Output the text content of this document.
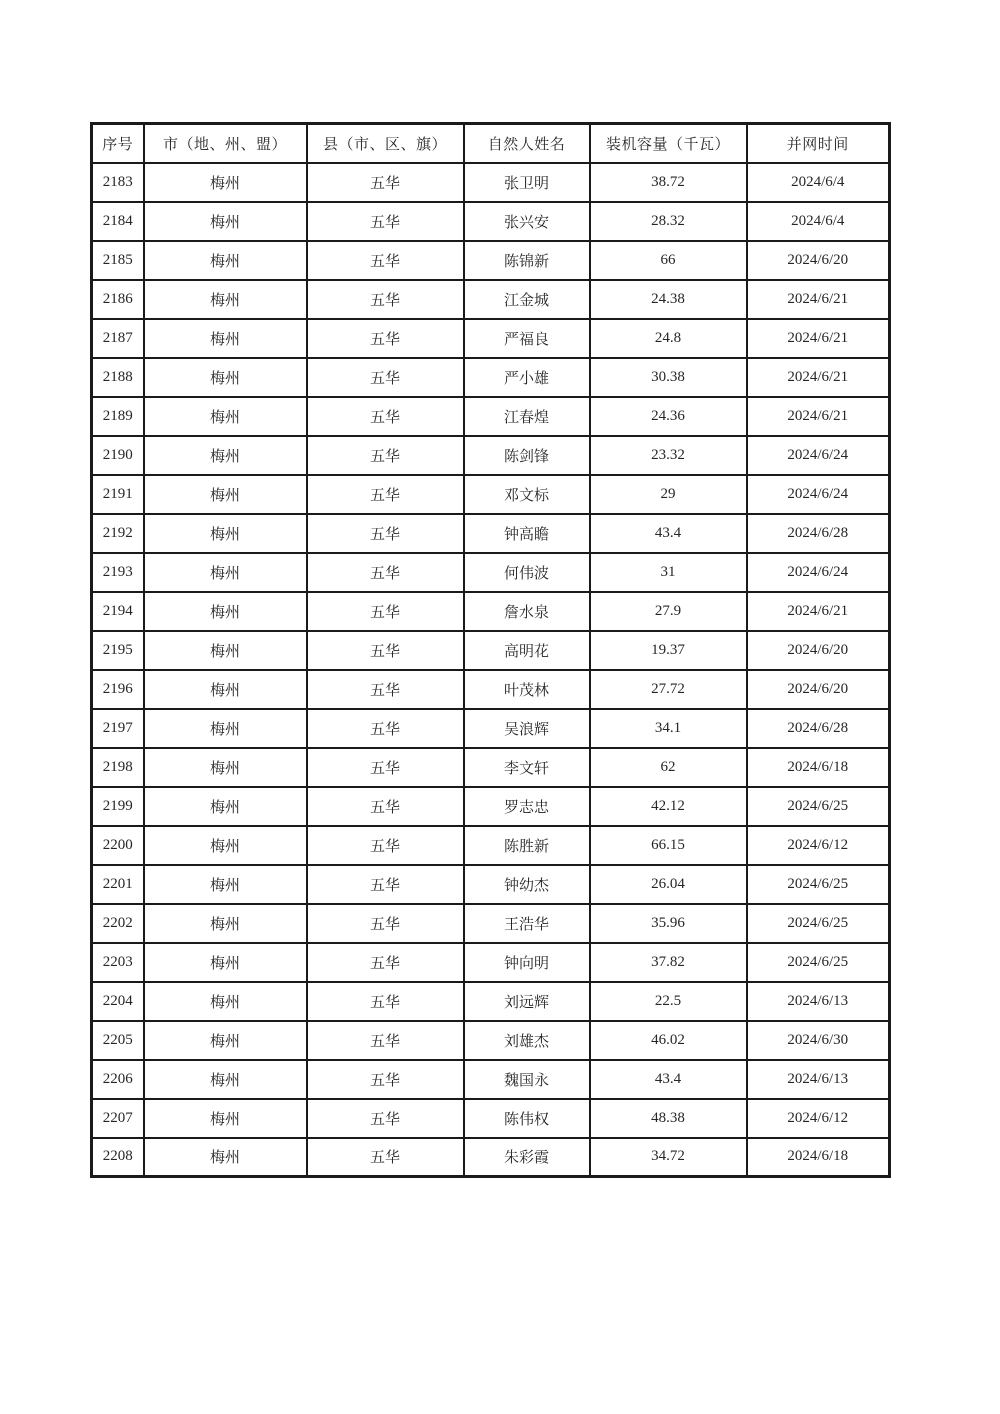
序号	市（地、州、盟）	县（市、区、旗）	自然人姓名	装机容量（千瓦）	并网时间
2183	梅州	五华	张卫明	38.72	2024/6/4
2184	梅州	五华	张兴安	28.32	2024/6/4
2185	梅州	五华	陈锦新	66	2024/6/20
2186	梅州	五华	江金城	24.38	2024/6/21
2187	梅州	五华	严福良	24.8	2024/6/21
2188	梅州	五华	严小雄	30.38	2024/6/21
2189	梅州	五华	江春煌	24.36	2024/6/21
2190	梅州	五华	陈剑锋	23.32	2024/6/24
2191	梅州	五华	邓文标	29	2024/6/24
2192	梅州	五华	钟高瞻	43.4	2024/6/28
2193	梅州	五华	何伟波	31	2024/6/24
2194	梅州	五华	詹水泉	27.9	2024/6/21
2195	梅州	五华	高明花	19.37	2024/6/20
2196	梅州	五华	叶茂林	27.72	2024/6/20
2197	梅州	五华	吴浪辉	34.1	2024/6/28
2198	梅州	五华	李文轩	62	2024/6/18
2199	梅州	五华	罗志忠	42.12	2024/6/25
2200	梅州	五华	陈胜新	66.15	2024/6/12
2201	梅州	五华	钟幼杰	26.04	2024/6/25
2202	梅州	五华	王浩华	35.96	2024/6/25
2203	梅州	五华	钟向明	37.82	2024/6/25
2204	梅州	五华	刘远辉	22.5	2024/6/13
2205	梅州	五华	刘雄杰	46.02	2024/6/30
2206	梅州	五华	魏国永	43.4	2024/6/13
2207	梅州	五华	陈伟权	48.38	2024/6/12
2208	梅州	五华	朱彩霞	34.72	2024/6/18
